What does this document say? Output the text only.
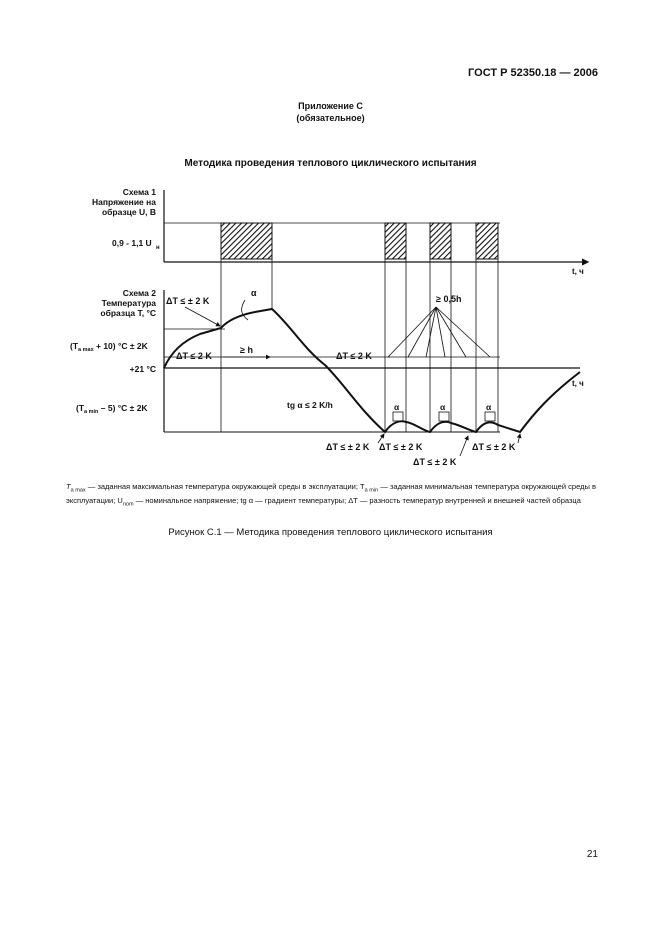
ГОСТ Р 52350.18 — 2006
Приложение С
(обязательное)
Методика проведения теплового циклического испытания
Схема 1
Напряжение на
образце U, В
0,9 - 1,1 U н
t, ч
Схема 2
Температура
образца T, °С
$(T_{a max} + 10) ^\circ С \pm 2K$
+21 °С
$(T_{a min} - 5) ^\circ С \pm 2K$
t, ч
ΔT ≤ ± 2 K
ΔT ≤ 2 K
≥ h
α
ΔT ≤ 2 K
≥ 0,5h
tg α ≤ 2 K/h	α	α	α
ΔT ≤ ± 2 K ΔT ≤ ± 2 K
ΔT ≤ ± 2 K
ΔT ≤ ± 2 K
$T_{a max}$ — заданная максимальная температура окружающей среды в эксплуатации; $T_{a min}$ — заданная минимальная температура окружающей среды в эксплуатации; $U_{nom}$ — номинальное напряжение; tg α — градиент температуры; ΔT — разность температур внутренней и внешней частей образца
Рисунок С.1 — Методика проведения теплового циклического испытания
21
